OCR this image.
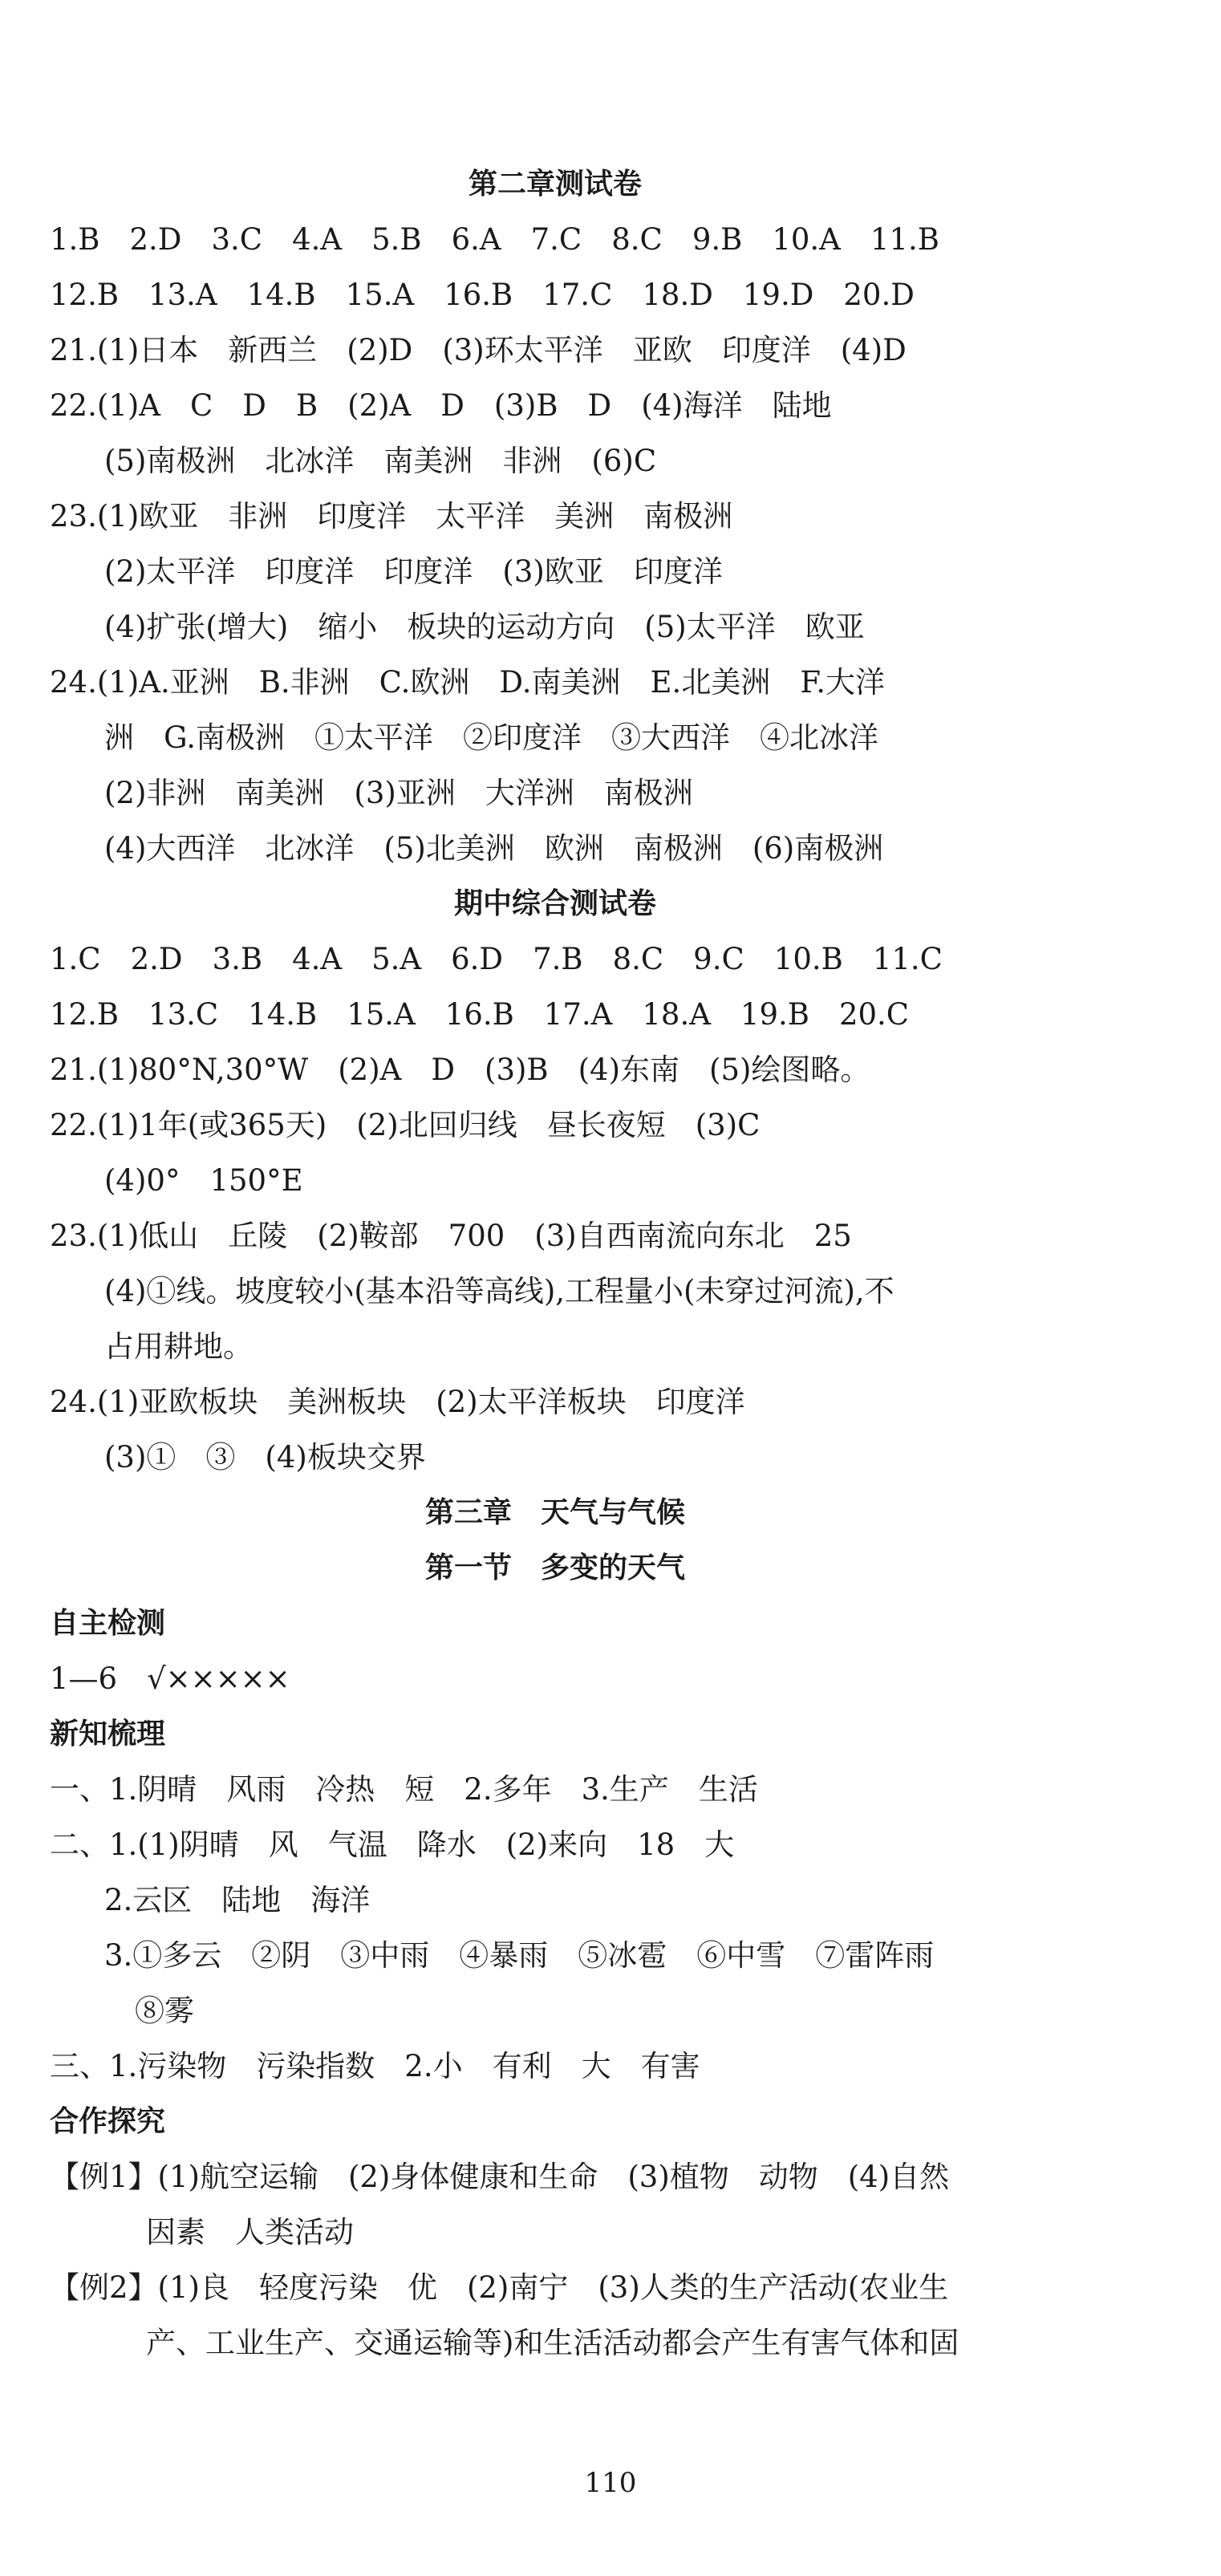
第二章测试卷
1.B　2.D　3.C　4.A　5.B　6.A　7.C　8.C　9.B　10.A　11.B
12.B　13.A　14.B　15.A　16.B　17.C　18.D　19.D　20.D
21.(1)日本　新西兰　(2)D　(3)环太平洋　亚欧　印度洋　(4)D
22.(1)A　C　D　B　(2)A　D　(3)B　D　(4)海洋　陆地
(5)南极洲　北冰洋　南美洲　非洲　(6)C
23.(1)欧亚　非洲　印度洋　太平洋　美洲　南极洲
(2)太平洋　印度洋　印度洋　(3)欧亚　印度洋
(4)扩张(增大)　缩小　板块的运动方向　(5)太平洋　欧亚
24.(1)A.亚洲　B.非洲　C.欧洲　D.南美洲　E.北美洲　F.大洋
洲　G.南极洲　①太平洋　②印度洋　③大西洋　④北冰洋
(2)非洲　南美洲　(3)亚洲　大洋洲　南极洲
(4)大西洋　北冰洋　(5)北美洲　欧洲　南极洲　(6)南极洲
期中综合测试卷
1.C　2.D　3.B　4.A　5.A　6.D　7.B　8.C　9.C　10.B　11.C
12.B　13.C　14.B　15.A　16.B　17.A　18.A　19.B　20.C
21.(1)80°N,30°W　(2)A　D　(3)B　(4)东南　(5)绘图略。
22.(1)1年(或365天)　(2)北回归线　昼长夜短　(3)C
(4)0°　150°E
23.(1)低山　丘陵　(2)鞍部　700　(3)自西南流向东北　25
(4)①线。坡度较小(基本沿等高线),工程量小(未穿过河流),不
占用耕地。
24.(1)亚欧板块　美洲板块　(2)太平洋板块　印度洋
(3)①　③　(4)板块交界
第三章　天气与气候
第一节　多变的天气
自主检测
1—6　√×××××
新知梳理
一、1.阴晴　风雨　冷热　短　2.多年　3.生产　生活
二、1.(1)阴晴　风　气温　降水　(2)来向　18　大
2.云区　陆地　海洋
3.①多云　②阴　③中雨　④暴雨　⑤冰雹　⑥中雪　⑦雷阵雨
⑧雾
三、1.污染物　污染指数　2.小　有利　大　有害
合作探究
【例1】(1)航空运输　(2)身体健康和生命　(3)植物　动物　(4)自然
因素　人类活动
【例2】(1)良　轻度污染　优　(2)南宁　(3)人类的生产活动(农业生
产、工业生产、交通运输等)和生活活动都会产生有害气体和固
110
